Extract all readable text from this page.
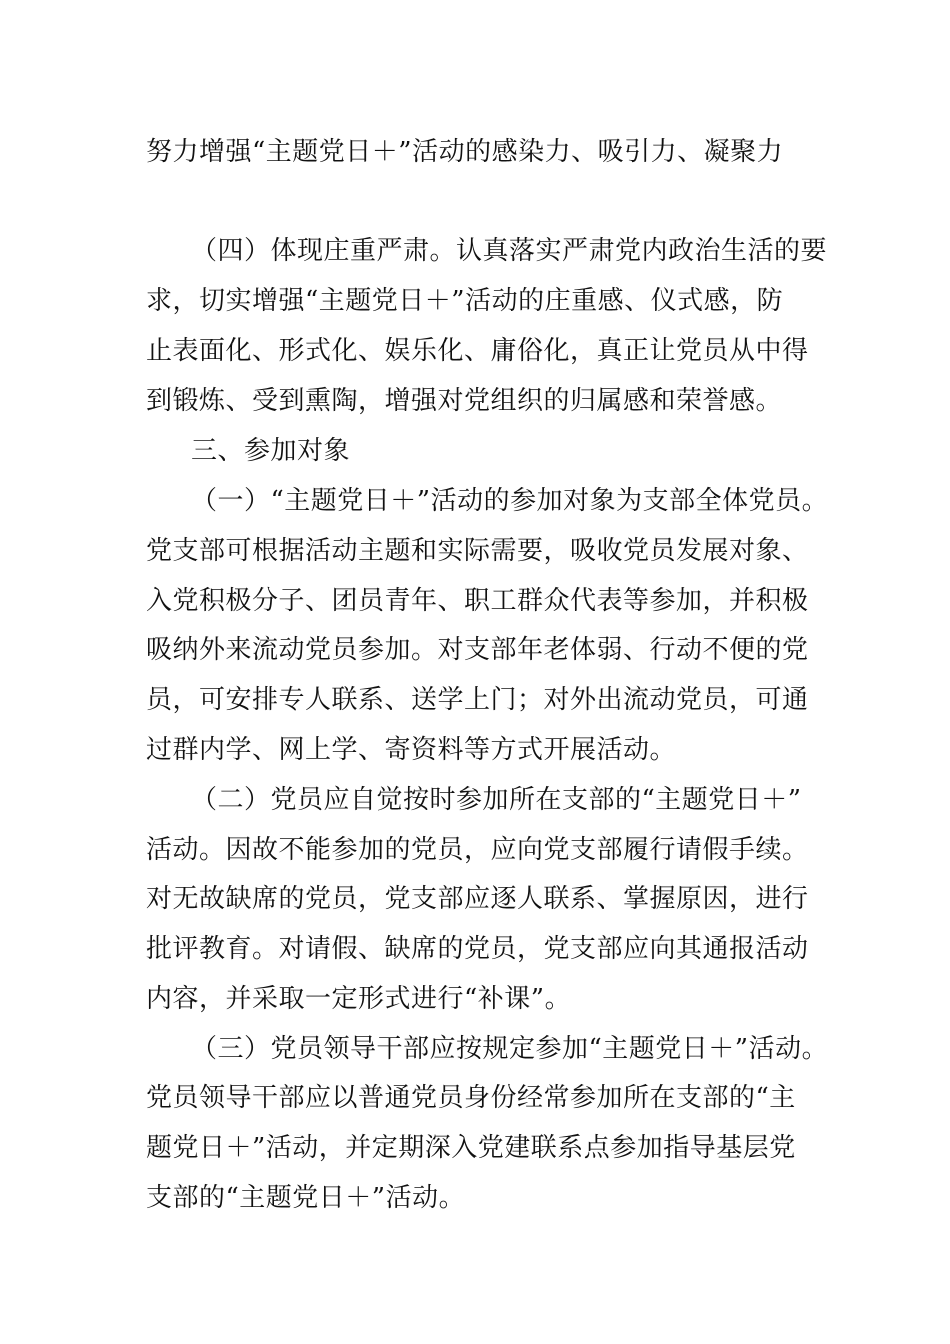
努力增强“主题党日＋”活动的感染力、吸引力、凝聚力
（四）体现庄重严肃。认真落实严肃党内政治生活的要
求，切实增强“主题党日＋”活动的庄重感、仪式感，防
止表面化、形式化、娱乐化、庸俗化，真正让党员从中得
到锻炼、受到熏陶，增强对党组织的归属感和荣誉感。
三、参加对象
（一）“主题党日＋”活动的参加对象为支部全体党员。
党支部可根据活动主题和实际需要，吸收党员发展对象、
入党积极分子、团员青年、职工群众代表等参加，并积极
吸纳外来流动党员参加。对支部年老体弱、行动不便的党
员，可安排专人联系、送学上门；对外出流动党员，可通
过群内学、网上学、寄资料等方式开展活动。
（二）党员应自觉按时参加所在支部的“主题党日＋”
活动。因故不能参加的党员，应向党支部履行请假手续。
对无故缺席的党员，党支部应逐人联系、掌握原因，进行
批评教育。对请假、缺席的党员，党支部应向其通报活动
内容，并采取一定形式进行“补课”。
（三）党员领导干部应按规定参加“主题党日＋”活动。
党员领导干部应以普通党员身份经常参加所在支部的“主
题党日＋”活动，并定期深入党建联系点参加指导基层党
支部的“主题党日＋”活动。
